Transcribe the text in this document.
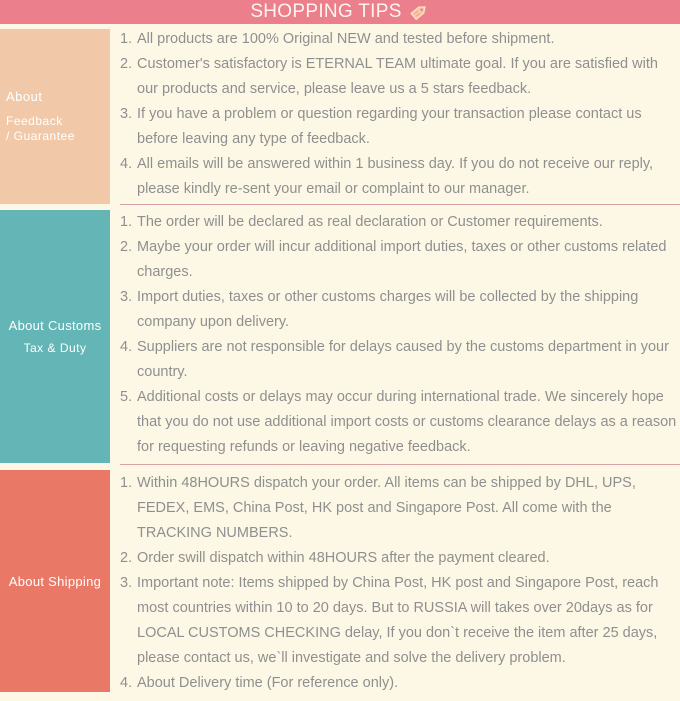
SHOPPING TIPS
About
Feedback
/ Guarantee
1. All products are 100% Original NEW and tested before shipment.
2. Customer's satisfactory is ETERNAL TEAM ultimate goal. If you are satisfied with our products and service, please leave us a 5 stars feedback.
3. If you have a problem or question regarding your transaction please contact us before leaving any type of feedback.
4. All emails will be answered within 1 business day. If you do not receive our reply, please kindly re-sent your email or complaint to our manager.
About Customs
Tax & Duty
1. The order will be declared as real declaration or Customer requirements.
2. Maybe your order will incur additional import duties, taxes or other customs related charges.
3. Import duties, taxes or other customs charges will be collected by the shipping company upon delivery.
4. Suppliers are not responsible for delays caused by the customs department in your country.
5. Additional costs or delays may occur during international trade. We sincerely hope that you do not use additional import costs or customs clearance delays as a reason for requesting refunds or leaving negative feedback.
About Shipping
1. Within 48HOURS dispatch your order. All items can be shipped by DHL, UPS, FEDEX, EMS, China Post, HK post and Singapore Post. All come with the TRACKING NUMBERS.
2. Order swill dispatch within 48HOURS after the payment cleared.
3. Important note: Items shipped by China Post, HK post and Singapore Post, reach most countries within 10 to 20 days. But to RUSSIA will takes over 20days as for LOCAL CUSTOMS CHECKING delay, If you don`t receive the item after 25 days, please contact us, we`ll investigate and solve the delivery problem.
4. About Delivery time (For reference only).
